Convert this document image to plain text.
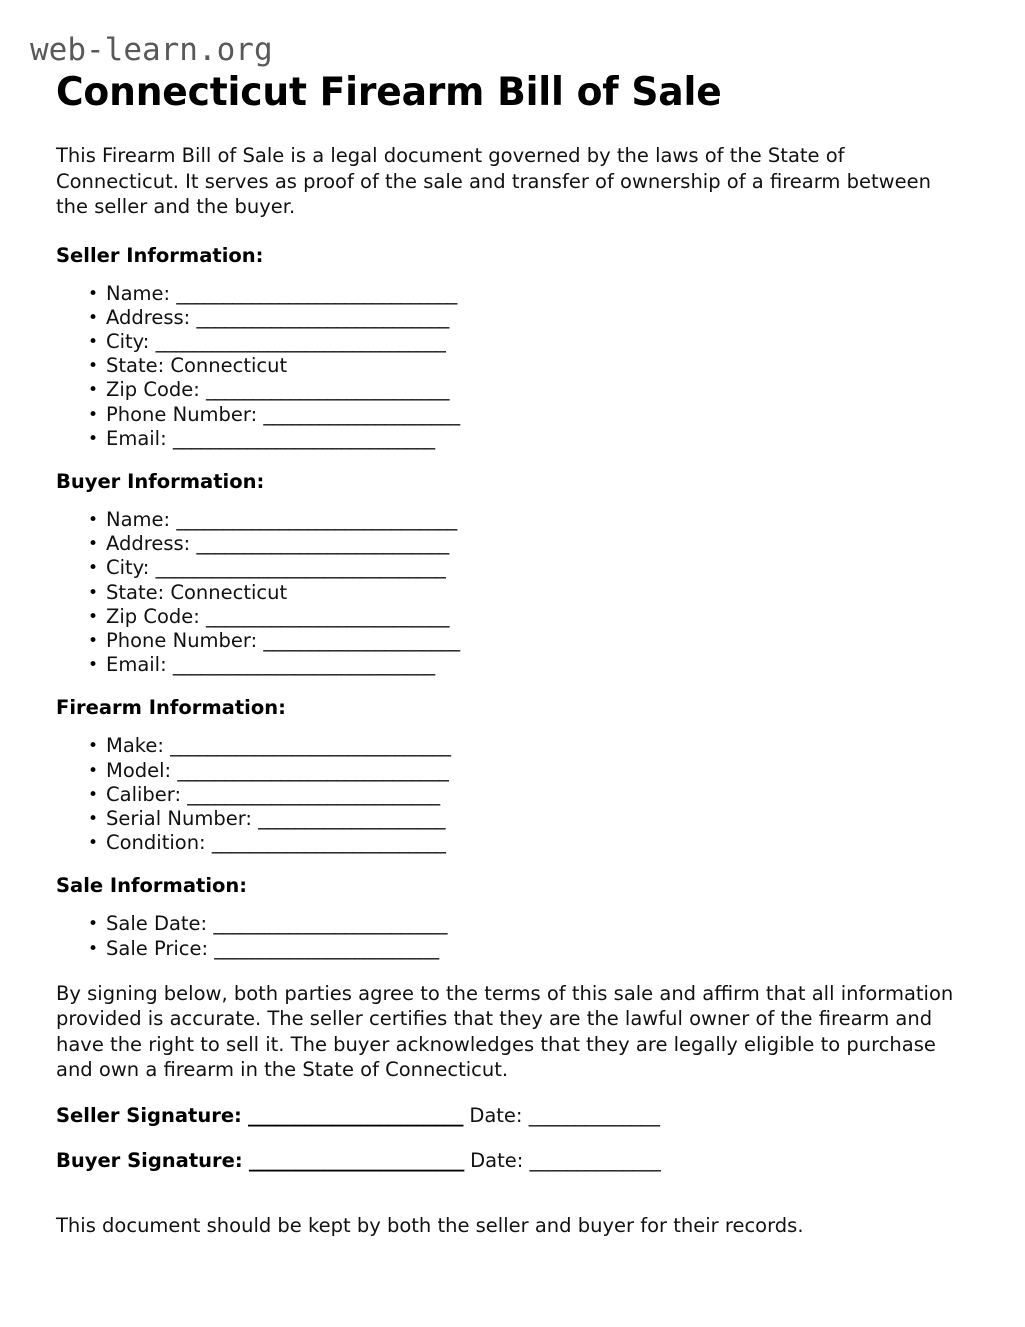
web-learn.org
Connecticut Firearm Bill of Sale

This Firearm Bill of Sale is a legal document governed by the laws of the State of Connecticut. It serves as proof of the sale and transfer of ownership of a firearm between the seller and the buyer.

Seller Information:
• Name: ______________________________
• Address: ___________________________
• City: _______________________________
• State: Connecticut
• Zip Code: __________________________
• Phone Number: _____________________
• Email: ____________________________
Buyer Information:
• Name: ______________________________
• Address: ___________________________
• City: _______________________________
• State: Connecticut
• Zip Code: __________________________
• Phone Number: _____________________
• Email: ____________________________
Firearm Information:
• Make: ______________________________
• Model: _____________________________
• Caliber: ___________________________
• Serial Number: ____________________
• Condition: _________________________
Sale Information:
• Sale Date: _________________________
• Sale Price: ________________________

By signing below, both parties agree to the terms of this sale and affirm that all information provided is accurate. The seller certifies that they are the lawful owner of the firearm and have the right to sell it. The buyer acknowledges that they are legally eligible to purchase and own a firearm in the State of Connecticut.

Seller Signature: _______________________ Date: ______________
Buyer Signature: _______________________ Date: ______________

This document should be kept by both the seller and buyer for their records.
